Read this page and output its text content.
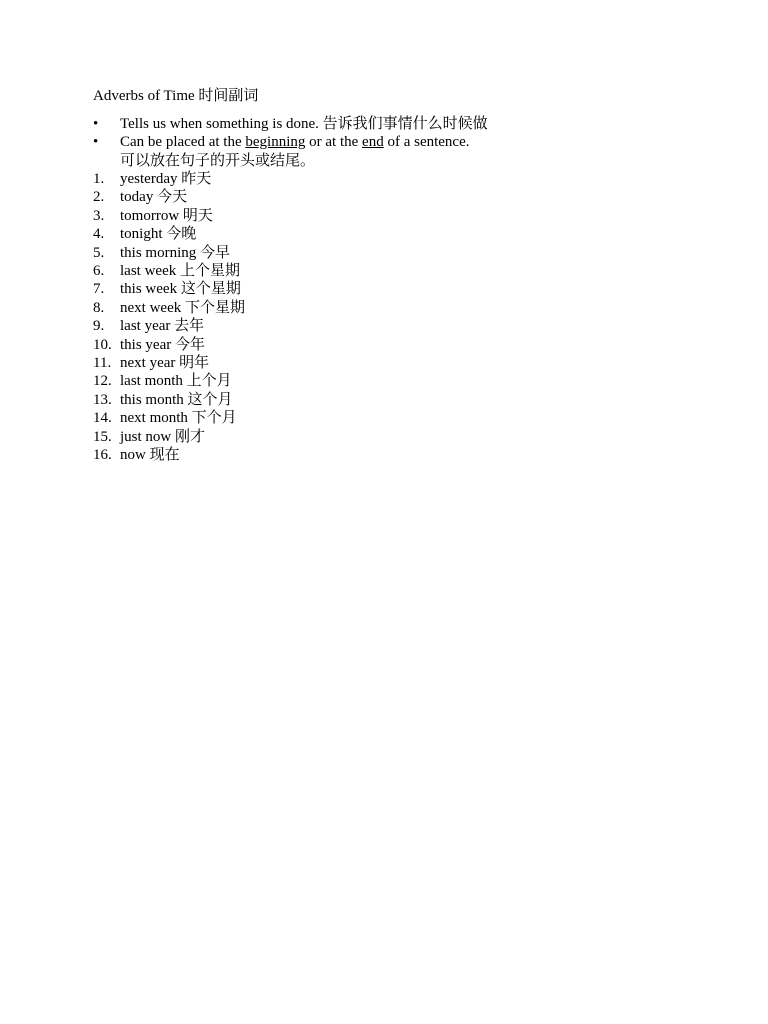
Adverbs of Time 时间副词
•	Tells us when something is done. 告诉我们事情什么时候做
•	Can be placed at the beginning or at the end of a sentence.
可以放在句子的开头或结尾。
1. yesterday 昨天
2. today 今天
3. tomorrow 明天
4. tonight 今晚
5. this morning 今早
6. last week 上个星期
7. this week 这个星期
8. next week 下个星期
9. last year 去年
10. this year 今年
11. next year 明年
12. last month 上个月
13. this month 这个月
14. next month 下个月
15. just now 刚才
16. now 现在
